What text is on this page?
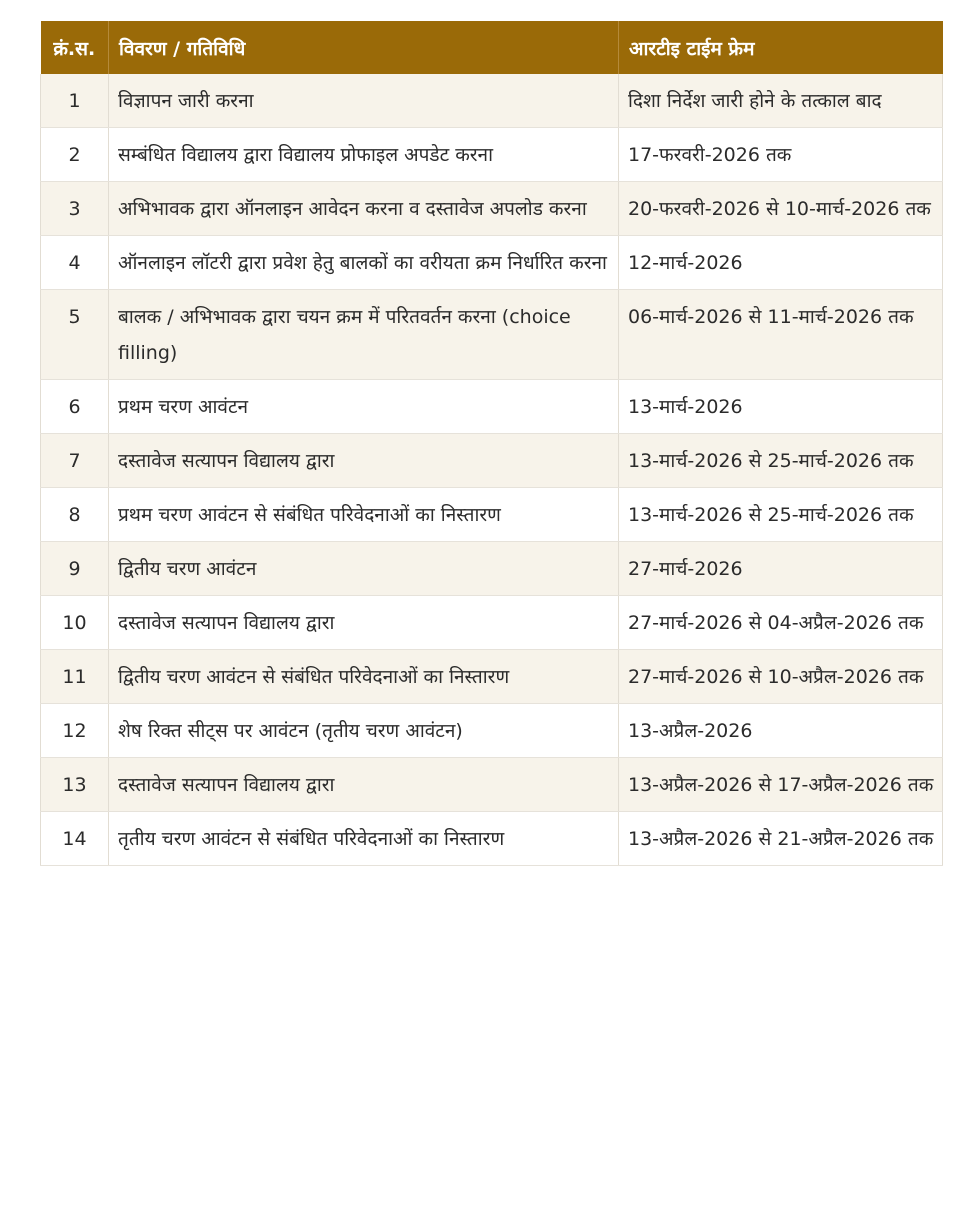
क्रं.स.	विवरण / गतिविधि	आरटीइ टाईम फ्रेम
1	विज्ञापन जारी करना	दिशा निर्देश जारी होने के तत्काल बाद
2	सम्बंधित विद्यालय द्वारा विद्यालय प्रोफाइल अपडेट करना	17-फरवरी-2026 तक
3	अभिभावक द्वारा ऑनलाइन आवेदन करना व दस्तावेज अपलोड करना	20-फरवरी-2026 से 10-मार्च-2026 तक
4	ऑनलाइन लॉटरी द्वारा प्रवेश हेतु बालकों का वरीयता क्रम निर्धारित करना	12-मार्च-2026
5	बालक / अभिभावक द्वारा चयन क्रम में परितवर्तन करना (choice filling)	06-मार्च-2026 से 11-मार्च-2026 तक
6	प्रथम चरण आवंटन	13-मार्च-2026
7	दस्तावेज सत्यापन विद्यालय द्वारा	13-मार्च-2026 से 25-मार्च-2026 तक
8	प्रथम चरण आवंटन से संबंधित परिवेदनाओं का निस्तारण	13-मार्च-2026 से 25-मार्च-2026 तक
9	द्वितीय चरण आवंटन	27-मार्च-2026
10	दस्तावेज सत्यापन विद्यालय द्वारा	27-मार्च-2026 से 04-अप्रैल-2026 तक
11	द्वितीय चरण आवंटन से संबंधित परिवेदनाओं का निस्तारण	27-मार्च-2026 से 10-अप्रैल-2026 तक
12	शेष रिक्त सीट्स पर आवंटन (तृतीय चरण आवंटन)	13-अप्रैल-2026
13	दस्तावेज सत्यापन विद्यालय द्वारा	13-अप्रैल-2026 से 17-अप्रैल-2026 तक
14	तृतीय चरण आवंटन से संबंधित परिवेदनाओं का निस्तारण	13-अप्रैल-2026 से 21-अप्रैल-2026 तक
